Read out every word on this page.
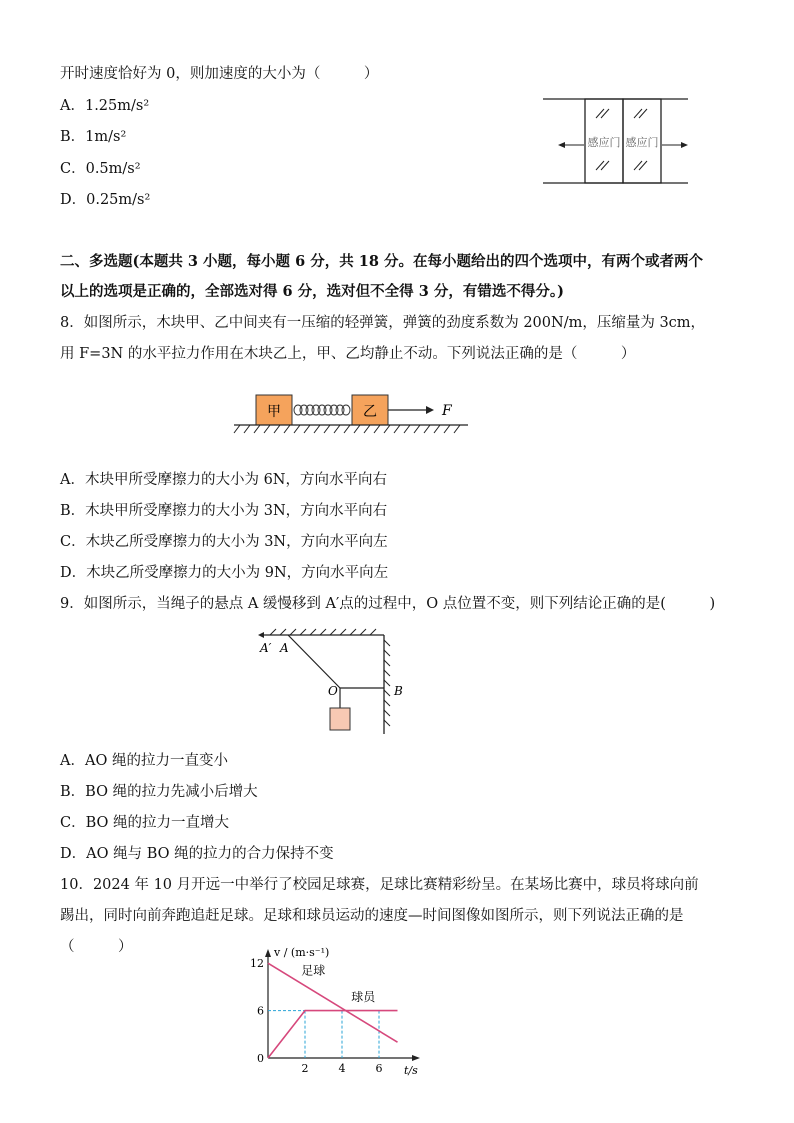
开时速度恰好为 0，则加速度的大小为（　　　）
A．1.25m/s²
B．1m/s²
C．0.5m/s²
D．0.25m/s²
感应门 感应门
二、多选题(本题共 3 小题，每小题 6 分，共 18 分。在每小题给出的四个选项中，有两个或者两个
以上的选项是正确的，全部选对得 6 分，选对但不全得 3 分，有错选不得分。)
8．如图所示，木块甲、乙中间夹有一压缩的轻弹簧，弹簧的劲度系数为 200N/m，压缩量为 3cm，
用 F=3N 的水平拉力作用在木块乙上，甲、乙均静止不动。下列说法正确的是（　　　）
甲	乙	F
A．木块甲所受摩擦力的大小为 6N，方向水平向右
B．木块甲所受摩擦力的大小为 3N，方向水平向右
C．木块乙所受摩擦力的大小为 3N，方向水平向左
D．木块乙所受摩擦力的大小为 9N，方向水平向左
9．如图所示，当绳子的悬点 A 缓慢移到 A′点的过程中，O 点位置不变，则下列结论正确的是(　　　)
A′ A
O	B
A．AO 绳的拉力一直变小
B．BO 绳的拉力先减小后增大
C．BO 绳的拉力一直增大
D．AO 绳与 BO 绳的拉力的合力保持不变
10．2024 年 10 月开远一中举行了校园足球赛，足球比赛精彩纷呈。在某场比赛中，球员将球向前
踢出，同时向前奔跑追赶足球。足球和球员运动的速度—时间图像如图所示，则下列说法正确的是
（　　　）	v / (m·s⁻¹)
t/s
2	4	6
0
6
12	足球
球员
